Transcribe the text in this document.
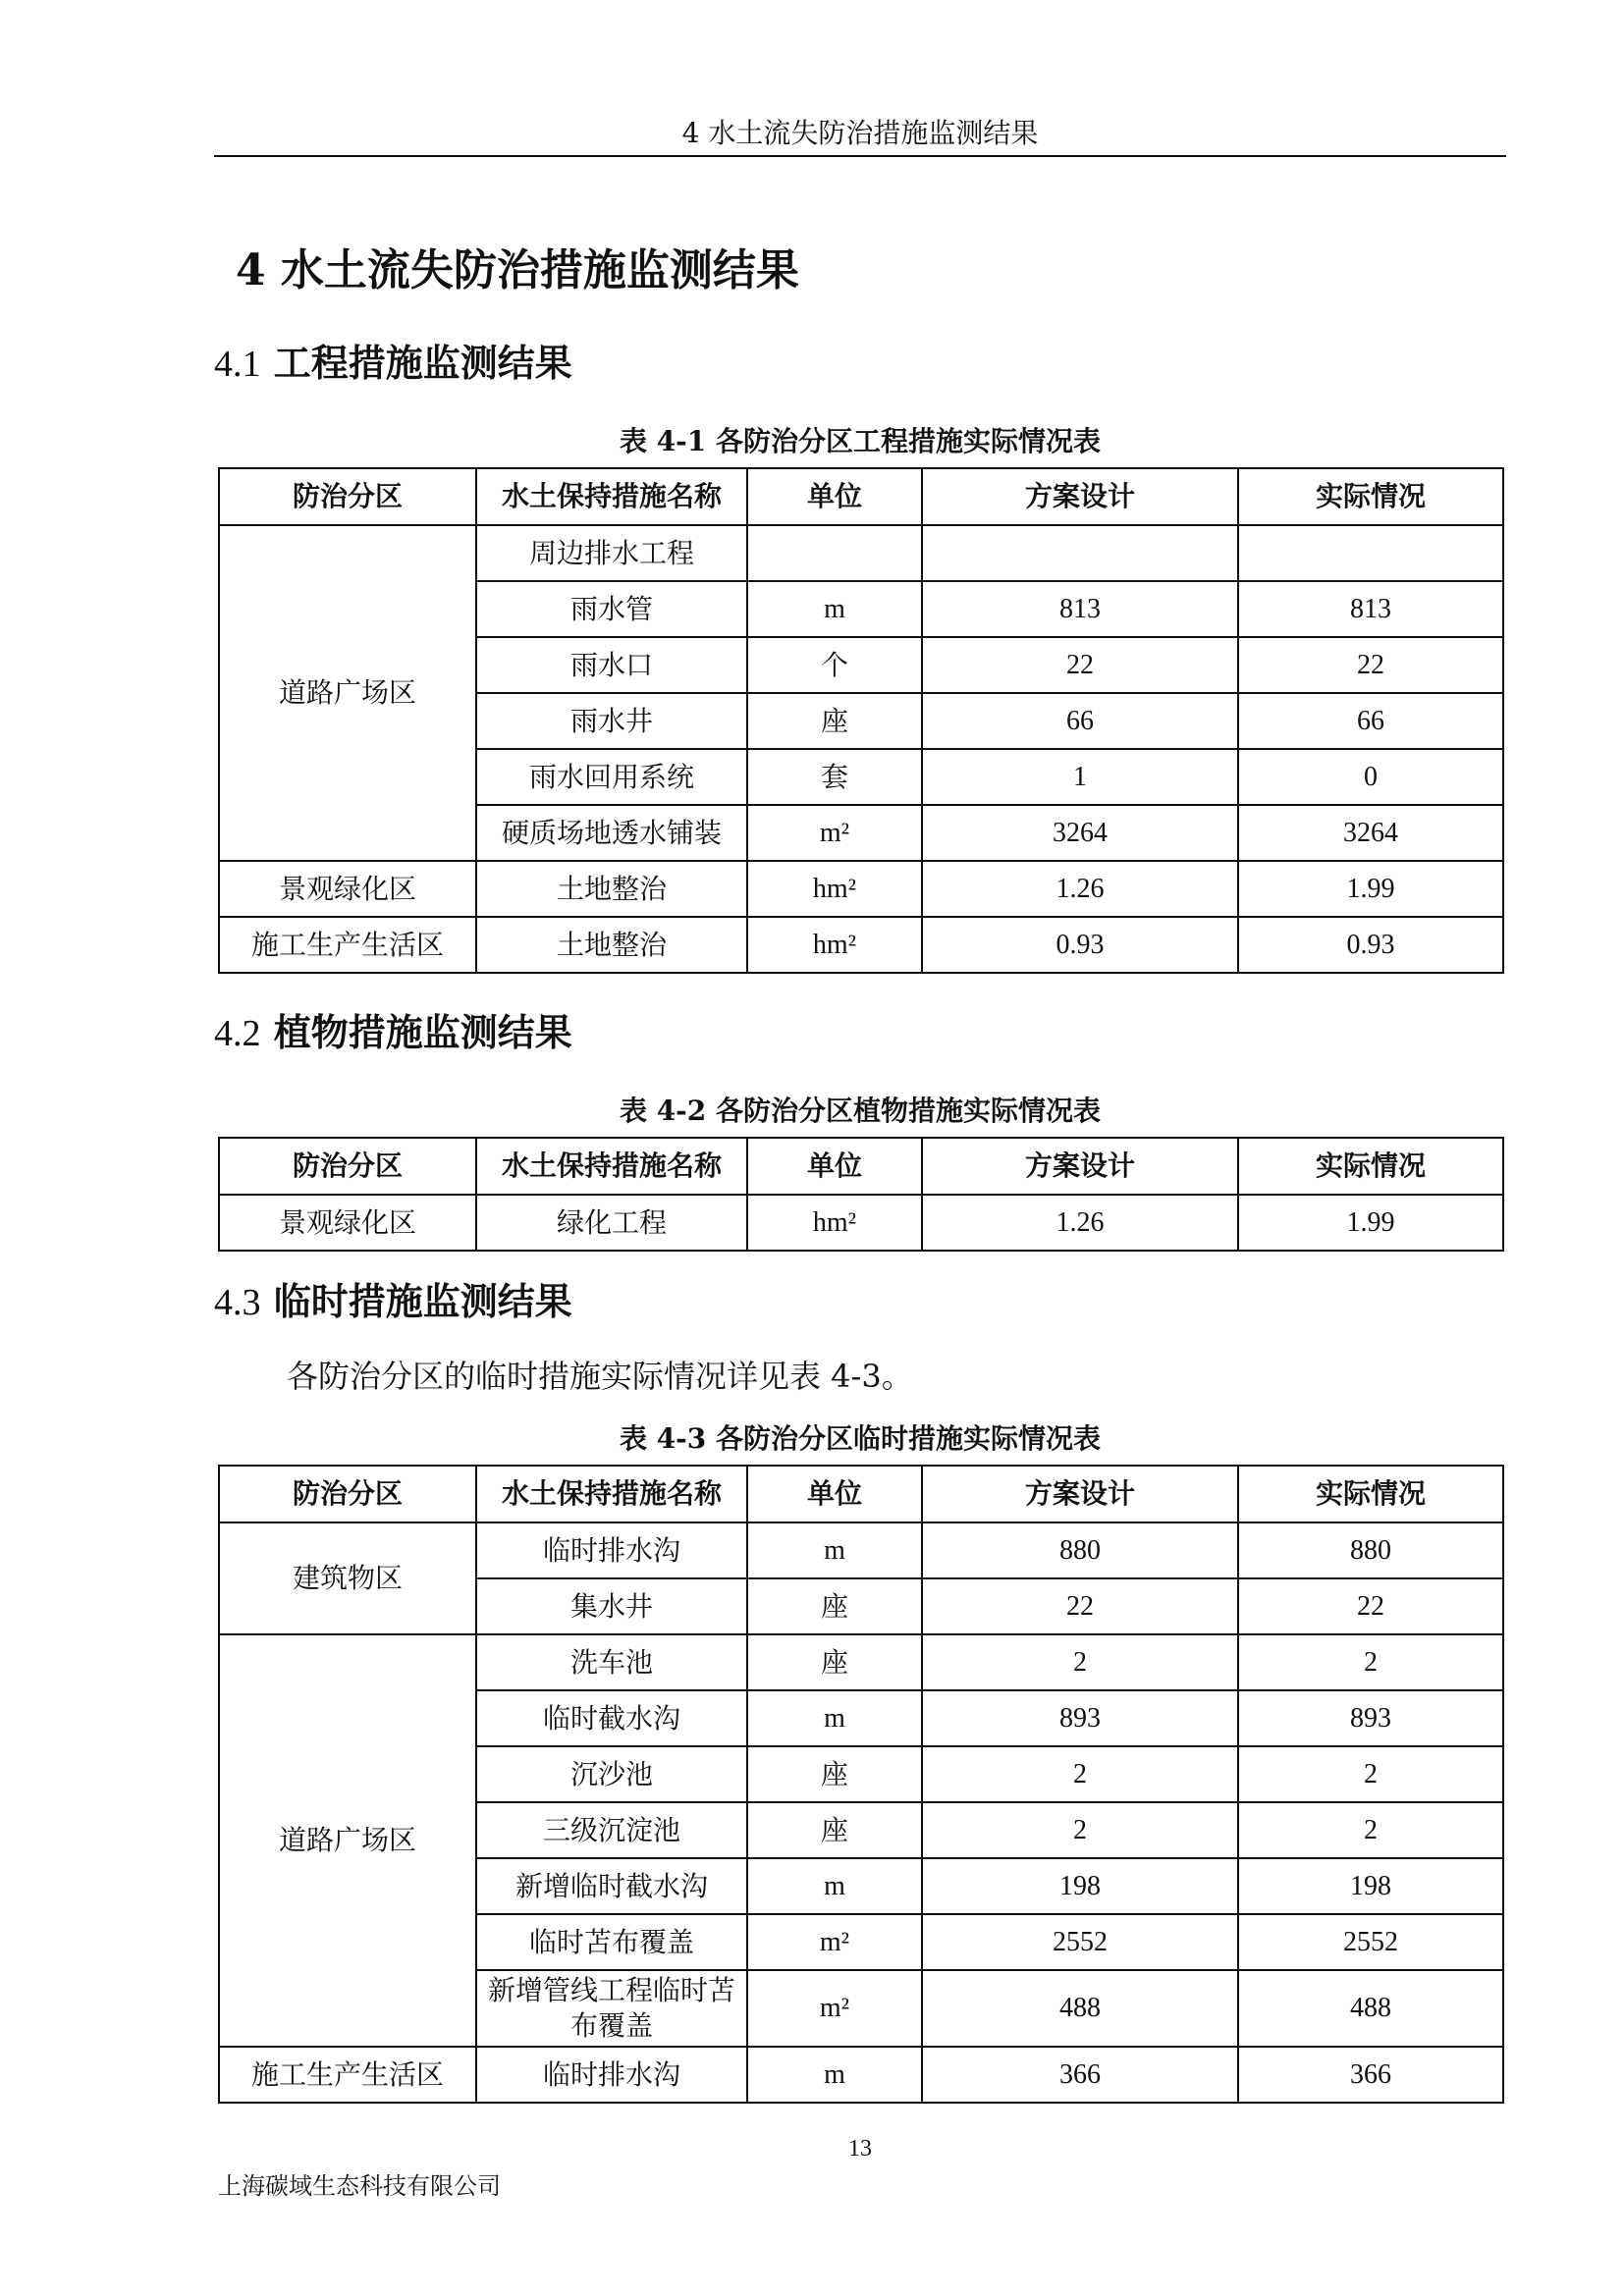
4 水土流失防治措施监测结果
4 水土流失防治措施监测结果
4.1 工程措施监测结果
表 4-1 各防治分区工程措施实际情况表
防治分区	水土保持措施名称	单位	方案设计	实际情况
道路广场区	周边排水工程			
	雨水管	m	813	813
	雨水口	个	22	22
	雨水井	座	66	66
	雨水回用系统	套	1	0
	硬质场地透水铺装	m²	3264	3264
景观绿化区	土地整治	hm²	1.26	1.99
施工生产生活区	土地整治	hm²	0.93	0.93
4.2 植物措施监测结果
表 4-2 各防治分区植物措施实际情况表
防治分区	水土保持措施名称	单位	方案设计	实际情况
景观绿化区	绿化工程	hm²	1.26	1.99
4.3 临时措施监测结果

各防治分区的临时措施实际情况详见表 4-3。

表 4-3 各防治分区临时措施实际情况表
防治分区	水土保持措施名称	单位	方案设计	实际情况
建筑物区	临时排水沟	m	880	880
	集水井	座	22	22
道路广场区	洗车池	座	2	2
	临时截水沟	m	893	893
	沉沙池	座	2	2
	三级沉淀池	座	2	2
	新增临时截水沟	m	198	198
	临时苫布覆盖	m²	2552	2552
	新增管线工程临时苫布覆盖	m²	488	488
施工生产生活区	临时排水沟	m	366	366
13
上海碳域生态科技有限公司
